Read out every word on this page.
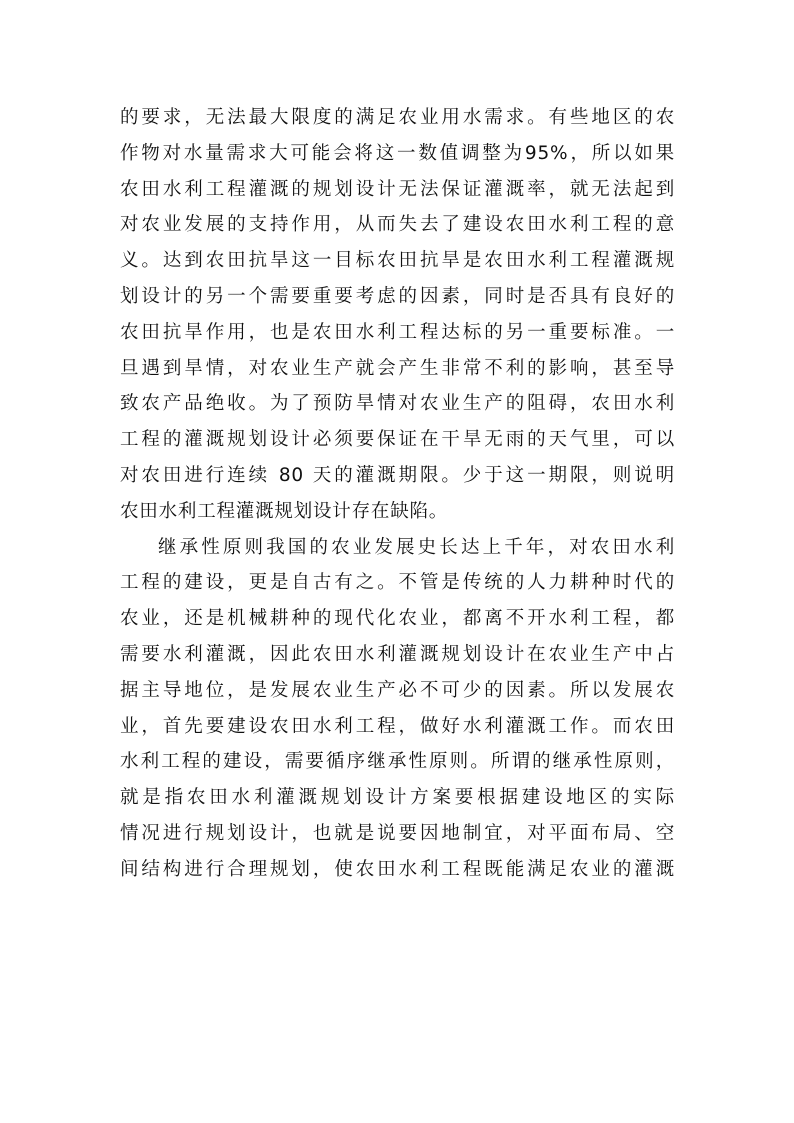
的要求，无法最大限度的满足农业用水需求。有些地区的农
作物对水量需求大可能会将这一数值调整为95%，所以如果
农田水利工程灌溉的规划设计无法保证灌溉率，就无法起到
对农业发展的支持作用，从而失去了建设农田水利工程的意
义。达到农田抗旱这一目标农田抗旱是农田水利工程灌溉规
划设计的另一个需要重要考虑的因素，同时是否具有良好的
农田抗旱作用，也是农田水利工程达标的另一重要标准。一
旦遇到旱情，对农业生产就会产生非常不利的影响，甚至导
致农产品绝收。为了预防旱情对农业生产的阻碍，农田水利
工程的灌溉规划设计必须要保证在干旱无雨的天气里，可以
对农田进行连续 80 天的灌溉期限。少于这一期限，则说明
农田水利工程灌溉规划设计存在缺陷。
继承性原则我国的农业发展史长达上千年，对农田水利
工程的建设，更是自古有之。不管是传统的人力耕种时代的
农业，还是机械耕种的现代化农业，都离不开水利工程，都
需要水利灌溉，因此农田水利灌溉规划设计在农业生产中占
据主导地位，是发展农业生产必不可少的因素。所以发展农
业，首先要建设农田水利工程，做好水利灌溉工作。而农田
水利工程的建设，需要循序继承性原则。所谓的继承性原则，
就是指农田水利灌溉规划设计方案要根据建设地区的实际
情况进行规划设计，也就是说要因地制宜，对平面布局、空
间结构进行合理规划，使农田水利工程既能满足农业的灌溉
